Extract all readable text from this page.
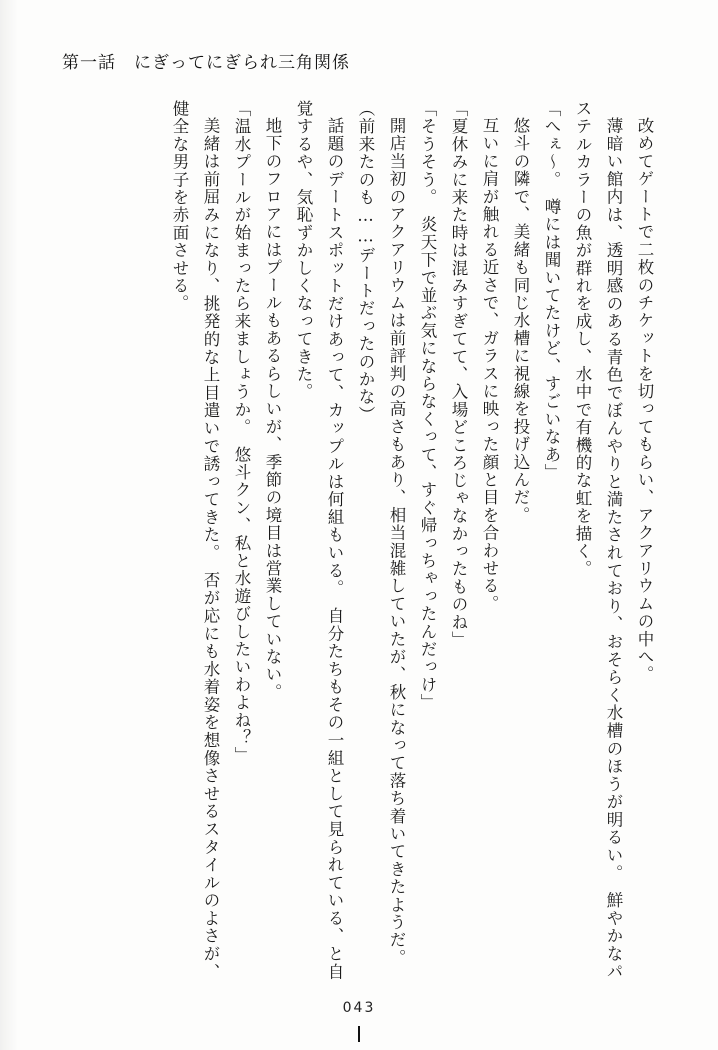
第一話 にぎってにぎられ三角関係

改めてゲートで二枚のチケットを切ってもらい、アクアリウムの中へ。

薄暗い館内は、透明感のある青色でぼんやりと満たされており、おそらく水槽のほうが明るい。　鮮やかなパステルカラーの魚が群れを成し、水中で有機的な虹を描く。

「へぇ～。　噂には聞いてたけど、すごいなあ」

悠斗の隣で、美緒も同じ水槽に視線を投げ込んだ。

互いに肩が触れる近さで、ガラスに映った顔と目を合わせる。

「夏休みに来た時は混みすぎてて、入場どころじゃなかったものね」

「そうそう。　炎天下で並ぶ気にならなくって、すぐ帰っちゃったんだっけ」

開店当初のアクアリウムは前評判の高さもあり、相当混雑していたが、秋になって落ち着いてきたようだ。

（前来たのも……デートだったのかな）

話題のデートスポットだけあって、カップルは何組もいる。　自分たちもその一組として見られている、と自覚するや、気恥ずかしくなってきた。

地下のフロアにはプールもあるらしいが、季節の境目は営業していない。

「温水プールが始まったら来ましょうか。　悠斗クン、私と水遊びしたいわよね？」

美緒は前屈みになり、挑発的な上目遣いで誘ってきた。　否が応にも水着姿を想像させるスタイルのよさが、健全な男子を赤面させる。

043
